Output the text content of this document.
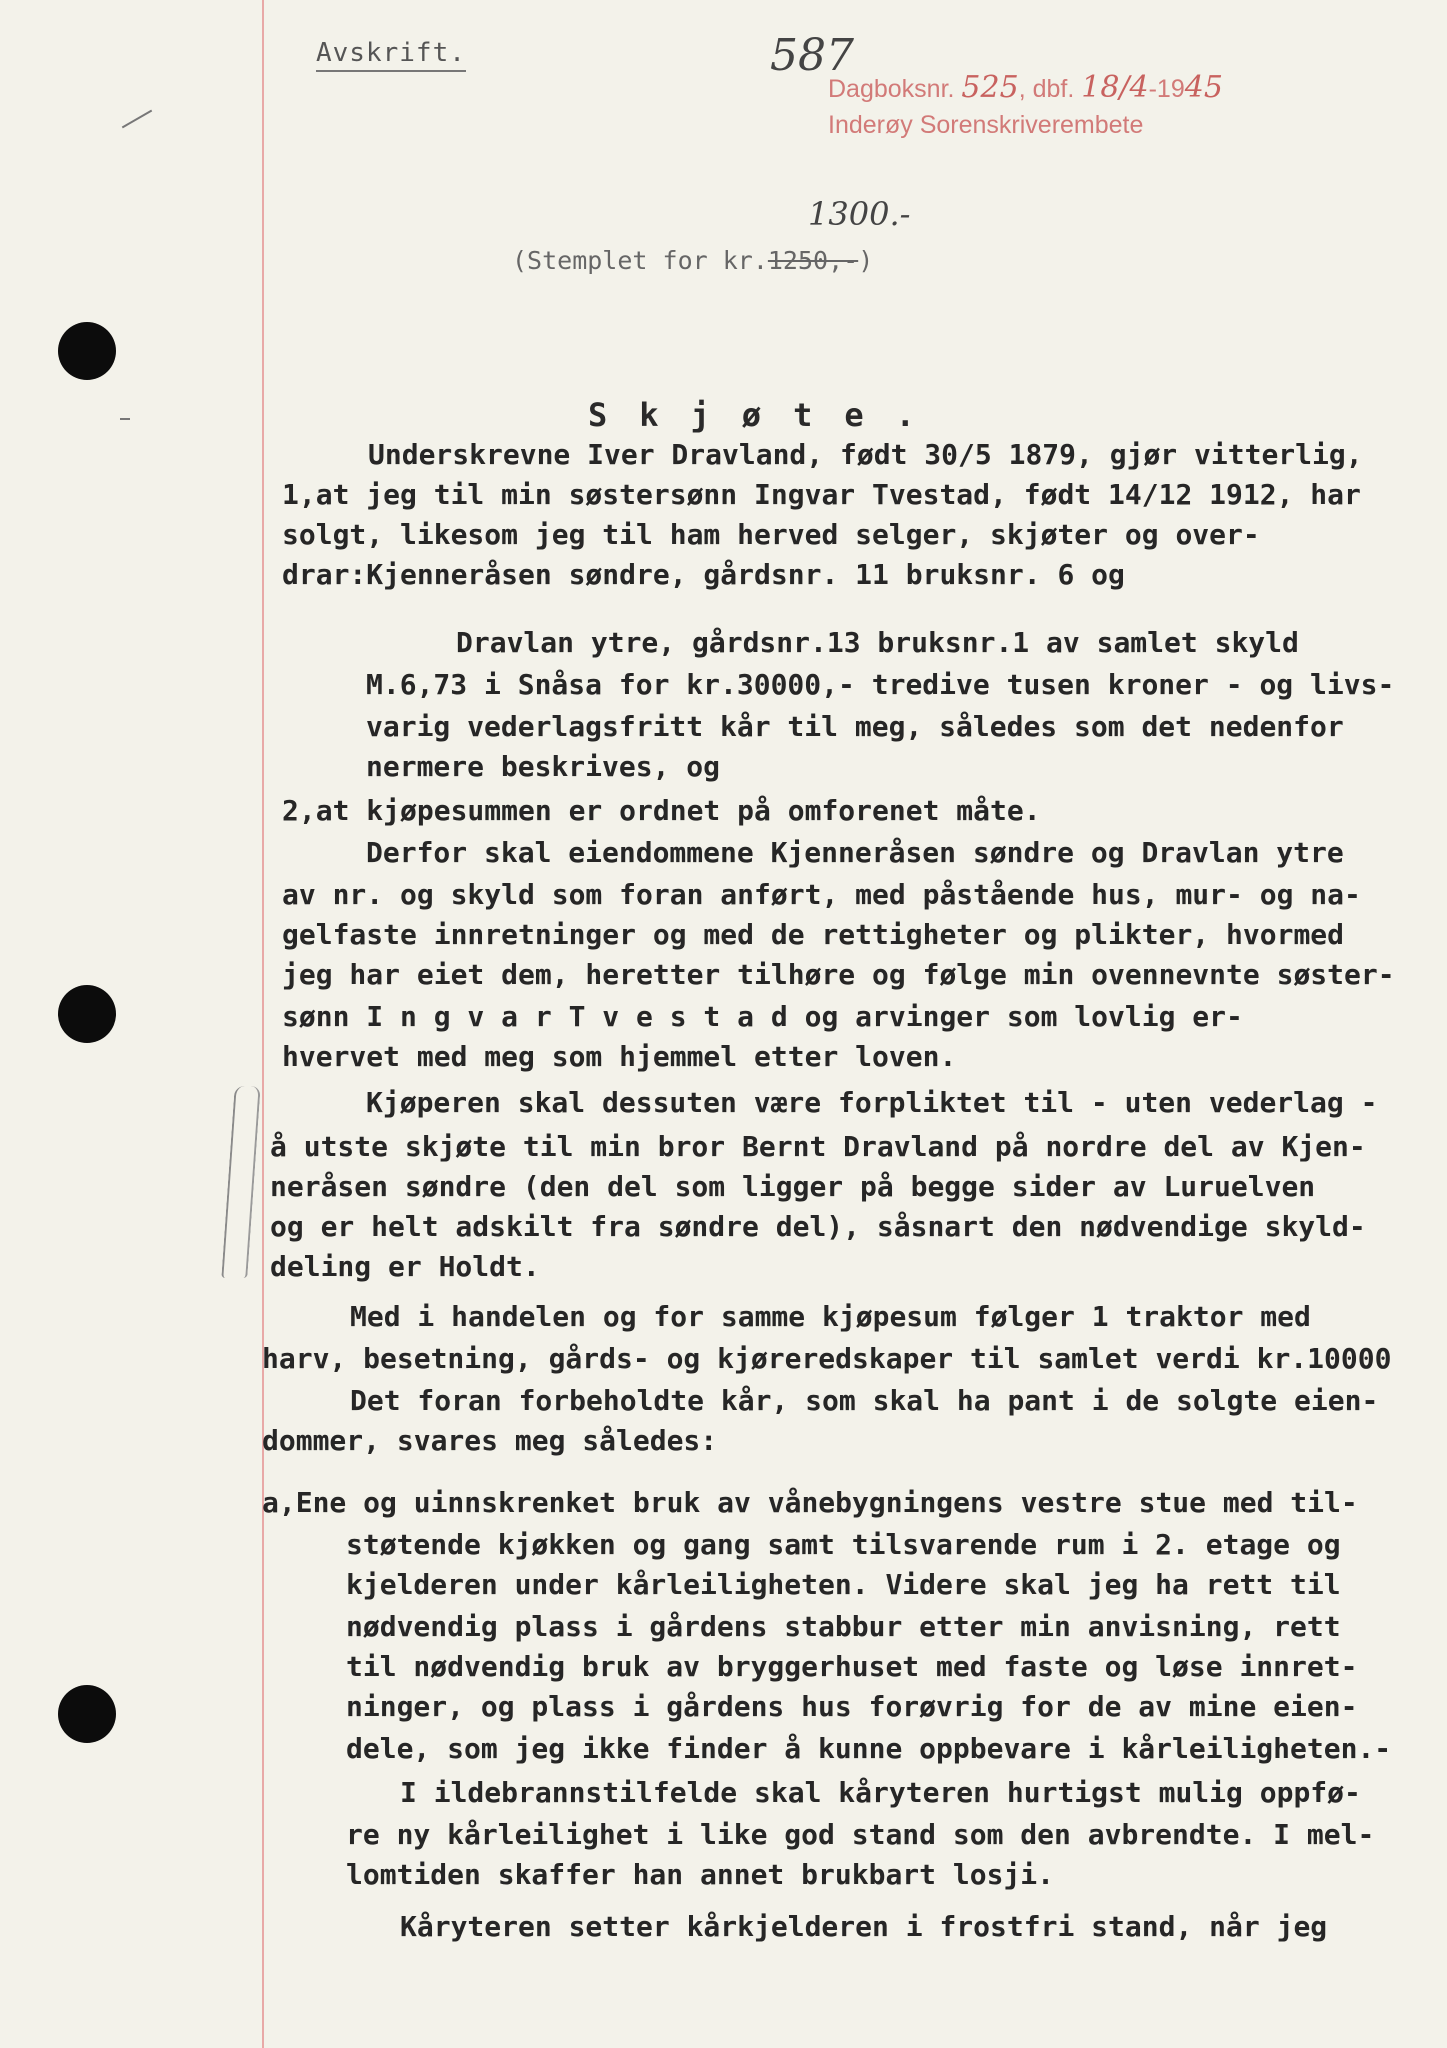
Avskrift.	587
Dagboksnr. 525, dbf. 18/4-1945
Inderøy Sorenskriverembete
1300.-
(Stemplet for kr.1250,-)
Skjøte.
Underskrevne Iver Dravland, født 30/5 1879, gjør vitterlig,
1,at jeg til min søstersønn Ingvar Tvestad, født 14/12 1912, har
solgt, likesom jeg til ham herved selger, skjøter og over-
drar:Kjenneråsen søndre, gårdsnr. 11 bruksnr. 6 og
Dravlan ytre, gårdsnr.13 bruksnr.1 av samlet skyld
M.6,73 i Snåsa for kr.30000,- tredive tusen kroner - og livs-
varig vederlagsfritt kår til meg, således som det nedenfor
nermere beskrives, og
2,at kjøpesummen er ordnet på omforenet måte.
Derfor skal eiendommene Kjenneråsen søndre og Dravlan ytre
av nr. og skyld som foran anført, med påstående hus, mur- og na-
gelfaste innretninger og med de rettigheter og plikter, hvormed
jeg har eiet dem, heretter tilhøre og følge min ovennevnte søster-
sønn I n g v a r T v e s t a d og arvinger som lovlig er-
hvervet med meg som hjemmel etter loven.
Kjøperen skal dessuten være forpliktet til - uten vederlag -
å utste skjøte til min bror Bernt Dravland på nordre del av Kjen-
neråsen søndre (den del som ligger på begge sider av Luruelven
og er helt adskilt fra søndre del), såsnart den nødvendige skyld-
deling er Holdt.
Med i handelen og for samme kjøpesum følger 1 traktor med
harv, besetning, gårds- og kjøreredskaper til samlet verdi kr.10000
Det foran forbeholdte kår, som skal ha pant i de solgte eien-
dommer, svares meg således:
a,Ene og uinnskrenket bruk av vånebygningens vestre stue med til-
støtende kjøkken og gang samt tilsvarende rum i 2. etage og
kjelderen under kårleiligheten. Videre skal jeg ha rett til
nødvendig plass i gårdens stabbur etter min anvisning, rett
til nødvendig bruk av bryggerhuset med faste og løse innret-
ninger, og plass i gårdens hus forøvrig for de av mine eien-
dele, som jeg ikke finder å kunne oppbevare i kårleiligheten.-
I ildebrannstilfelde skal kåryteren hurtigst mulig oppfø-
re ny kårleilighet i like god stand som den avbrendte. I mel-
lomtiden skaffer han annet brukbart losji.
Kåryteren setter kårkjelderen i frostfri stand, når jeg
